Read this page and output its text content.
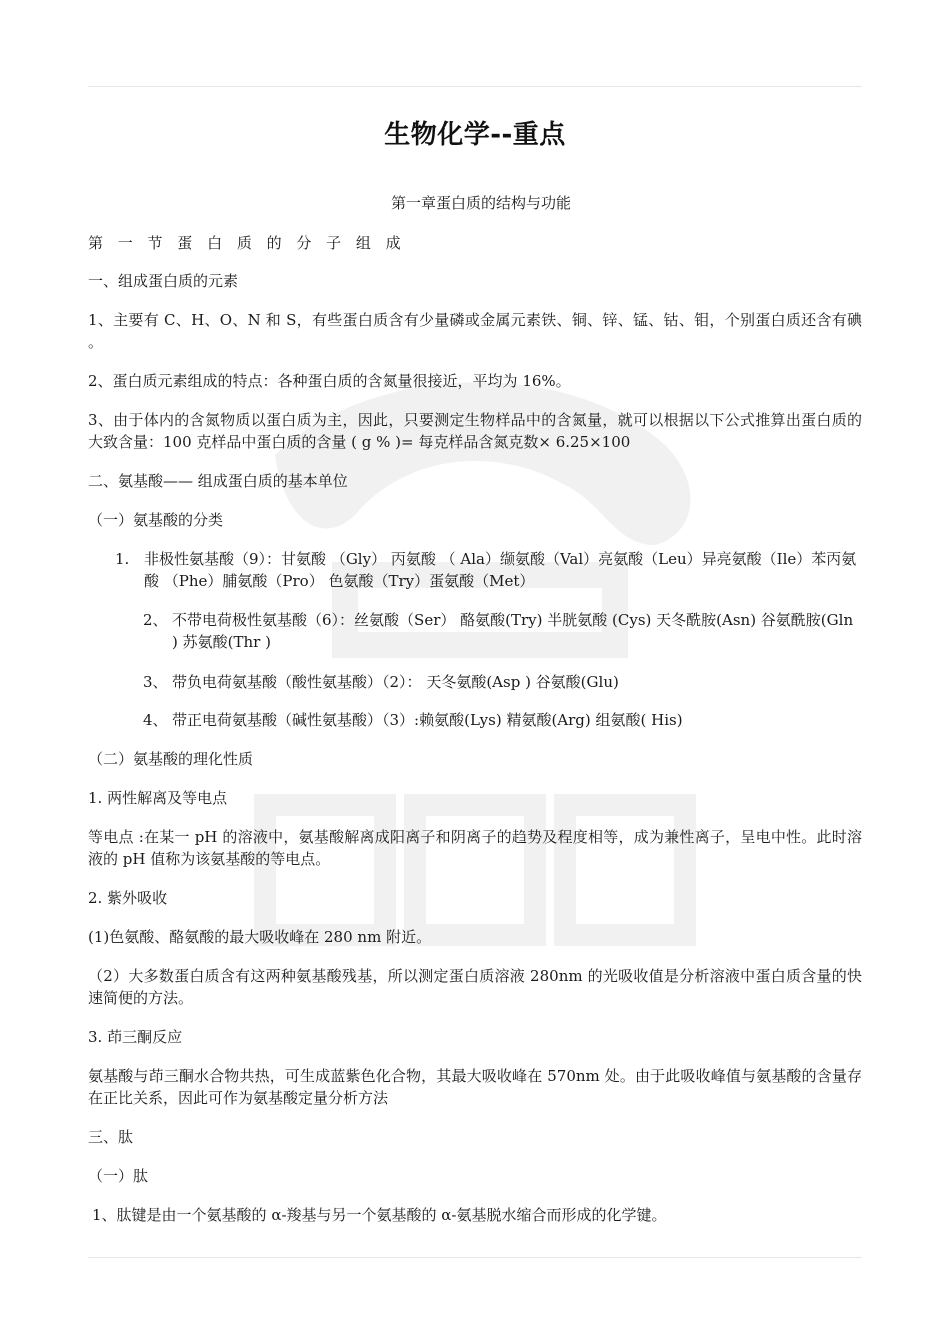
生物化学--重点
第一章蛋白质的结构与功能
第 一 节 蛋 白 质 的 分 子 组 成
一、组成蛋白质的元素
1、主要有 C、H、O、N 和 S，有些蛋白质含有少量磷或金属元素铁、铜、锌、锰、钴、钼，个别蛋白质还含有碘 。
2、蛋白质元素组成的特点：各种蛋白质的含氮量很接近，平均为 16%。
3、由于体内的含氮物质以蛋白质为主，因此，只要测定生物样品中的含氮量，就可以根据以下公式推算出蛋白质的大致含量：100 克样品中蛋白质的含量 ( g % )= 每克样品含氮克数× 6.25×100
二、氨基酸—— 组成蛋白质的基本单位
（一）氨基酸的分类
1. 非极性氨基酸（9）：甘氨酸 （Gly） 丙氨酸 （ Ala）缬氨酸（Val）亮氨酸（Leu）异亮氨酸（Ile）苯丙氨酸 （Phe）脯氨酸（Pro） 色氨酸（Try）蛋氨酸（Met）
2、 不带电荷极性氨基酸（6）：丝氨酸（Ser） 酪氨酸(Try) 半胱氨酸 (Cys) 天冬酰胺(Asn) 谷氨酰胺(Gln ) 苏氨酸(Thr )
3、 带负电荷氨基酸（酸性氨基酸）（2）： 天冬氨酸(Asp ) 谷氨酸(Glu)
4、 带正电荷氨基酸（碱性氨基酸）（3）:赖氨酸(Lys) 精氨酸(Arg) 组氨酸( His)
（二）氨基酸的理化性质
1. 两性解离及等电点
等电点 :在某一 pH 的溶液中，氨基酸解离成阳离子和阴离子的趋势及程度相等，成为兼性离子，呈电中性。此时溶液的 pH 值称为该氨基酸的等电点。
2. 紫外吸收
(1)色氨酸、酪氨酸的最大吸收峰在 280 nm 附近。
（2）大多数蛋白质含有这两种氨基酸残基，所以测定蛋白质溶液 280nm 的光吸收值是分析溶液中蛋白质含量的快速简便的方法。
3. 茚三酮反应
氨基酸与茚三酮水合物共热，可生成蓝紫色化合物，其最大吸收峰在 570nm 处。由于此吸收峰值与氨基酸的含量存在正比关系，因此可作为氨基酸定量分析方法
三、肽
（一）肽
1、肽键是由一个氨基酸的 α-羧基与另一个氨基酸的 α-氨基脱水缩合而形成的化学键。
